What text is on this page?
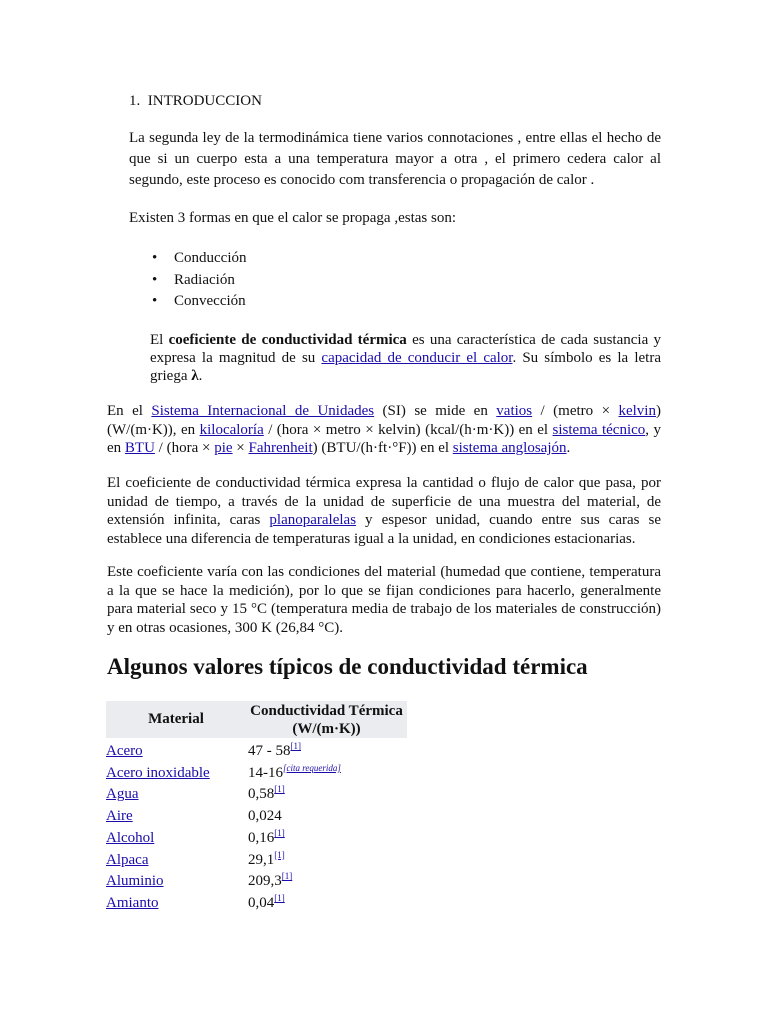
1. INTRODUCCION

La segunda ley de la termodinámica tiene varios connotaciones , entre ellas el hecho de que si un cuerpo esta a una temperatura mayor a otra , el primero cedera calor al segundo, este proceso es conocido com transferencia o propagación de calor .

Existen 3 formas en que el calor se propaga ,estas son:

• Conducción
• Radiación
• Convección

El coeficiente de conductividad térmica es una característica de cada sustancia y expresa la magnitud de su capacidad de conducir el calor. Su símbolo es la letra griega λ.

En el Sistema Internacional de Unidades (SI) se mide en vatios / (metro × kelvin) (W/(m·K)), en kilocaloría / (hora × metro × kelvin) (kcal/(h·m·K)) en el sistema técnico, y en BTU / (hora × pie × Fahrenheit) (BTU/(h·ft·°F)) en el sistema anglosajón.

El coeficiente de conductividad térmica expresa la cantidad o flujo de calor que pasa, por unidad de tiempo, a través de la unidad de superficie de una muestra del material, de extensión infinita, caras planoparalelas y espesor unidad, cuando entre sus caras se establece una diferencia de temperaturas igual a la unidad, en condiciones estacionarias.

Este coeficiente varía con las condiciones del material (humedad que contiene, temperatura a la que se hace la medición), por lo que se fijan condiciones para hacerlo, generalmente para material seco y 15 °C (temperatura media de trabajo de los materiales de construcción) y en otras ocasiones, 300 K (26,84 °C).

Algunos valores típicos de conductividad térmica
Material	Conductividad Térmica (W/(m·K))
Acero	47 - 58[1]
Acero inoxidable	14-16[cita requerida]
Agua	0,58[1]
Aire	0,024
Alcohol	0,16[1]
Alpaca	29,1[1]
Aluminio	209,3[1]
Amianto	0,04[1]
